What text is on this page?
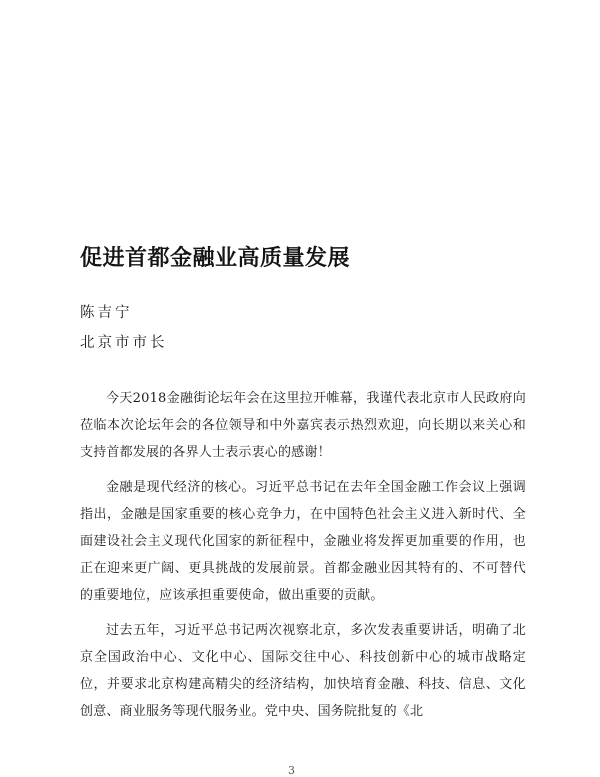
促进首都金融业高质量发展
陈吉宁
北京市市长

今天2018金融街论坛年会在这里拉开帷幕，我谨代表北京市人民政府向莅临本次论坛年会的各位领导和中外嘉宾表示热烈欢迎，向长期以来关心和支持首都发展的各界人士表示衷心的感谢！

金融是现代经济的核心。习近平总书记在去年全国金融工作会议上强调指出，金融是国家重要的核心竞争力，在中国特色社会主义进入新时代、全面建设社会主义现代化国家的新征程中，金融业将发挥更加重要的作用，也正在迎来更广阔、更具挑战的发展前景。首都金融业因其特有的、不可替代的重要地位，应该承担重要使命，做出重要的贡献。

过去五年，习近平总书记两次视察北京，多次发表重要讲话，明确了北京全国政治中心、文化中心、国际交往中心、科技创新中心的城市战略定位，并要求北京构建高精尖的经济结构，加快培育金融、科技、信息、文化创意、商业服务等现代服务业。党中央、国务院批复的《北

3
